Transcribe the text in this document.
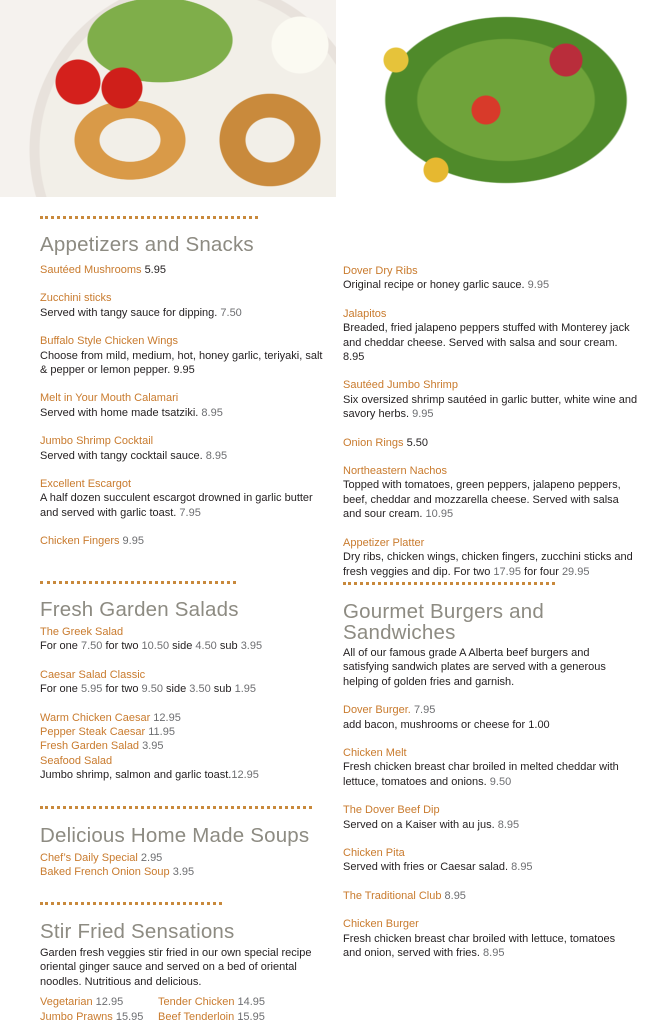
Appetizers and Snacks

Sautéed Mushrooms 5.95

Zucchini sticks
Served with tangy sauce for dipping. 7.50

Buffalo Style Chicken Wings
Choose from mild, medium, hot, honey garlic, teriyaki, salt & pepper or lemon pepper. 9.95

Melt in Your Mouth Calamari
Served with home made tsatziki. 8.95

Jumbo Shrimp Cocktail
Served with tangy cocktail sauce. 8.95

Excellent Escargot
A half dozen succulent escargot drowned in garlic butter and served with garlic toast. 7.95

Chicken Fingers 9.95

Dover Dry Ribs
Original recipe or honey garlic sauce. 9.95

Jalapitos
Breaded, fried jalapeno peppers stuffed with Monterey jack and cheddar cheese. Served with salsa and sour cream. 8.95

Sautéed Jumbo Shrimp
Six oversized shrimp sautéed in garlic butter, white wine and savory herbs. 9.95

Onion Rings 5.50

Northeastern Nachos
Topped with tomatoes, green peppers, jalapeno peppers, beef, cheddar and mozzarella cheese. Served with salsa and sour cream. 10.95

Appetizer Platter
Dry ribs, chicken wings, chicken fingers, zucchini sticks and fresh veggies and dip. For two 17.95 for four 29.95

Fresh Garden Salads

The Greek Salad
For one 7.50 for two 10.50 side 4.50 sub 3.95

Caesar Salad Classic
For one 5.95 for two 9.50 side 3.50 sub 1.95

Warm Chicken Caesar 12.95

Pepper Steak Caesar 11.95

Fresh Garden Salad 3.95

Seafood Salad
Jumbo shrimp, salmon and garlic toast.12.95

Delicious Home Made Soups

Chef’s Daily Special 2.95

Baked French Onion Soup 3.95

Stir Fried Sensations

Garden fresh veggies stir fried in our own special recipe oriental ginger sauce and served on a bed of oriental noodles. Nutritious and delicious.

Vegetarian 12.95	Tender Chicken 14.95
Jumbo Prawns 15.95	Beef Tenderloin 15.95
Gourmet Burgers and
Sandwiches

All of our famous grade A Alberta beef burgers and satisfying sandwich plates are served with a generous helping of golden fries and garnish.

Dover Burger. 7.95
add bacon, mushrooms or cheese for 1.00

Chicken Melt
Fresh chicken breast char broiled in melted cheddar with lettuce, tomatoes and onions. 9.50

The Dover Beef Dip
Served on a Kaiser with au jus. 8.95

Chicken Pita
Served with fries or Caesar salad. 8.95

The Traditional Club 8.95

Chicken Burger
Fresh chicken breast char broiled with lettuce, tomatoes and onion, served with fries. 8.95
